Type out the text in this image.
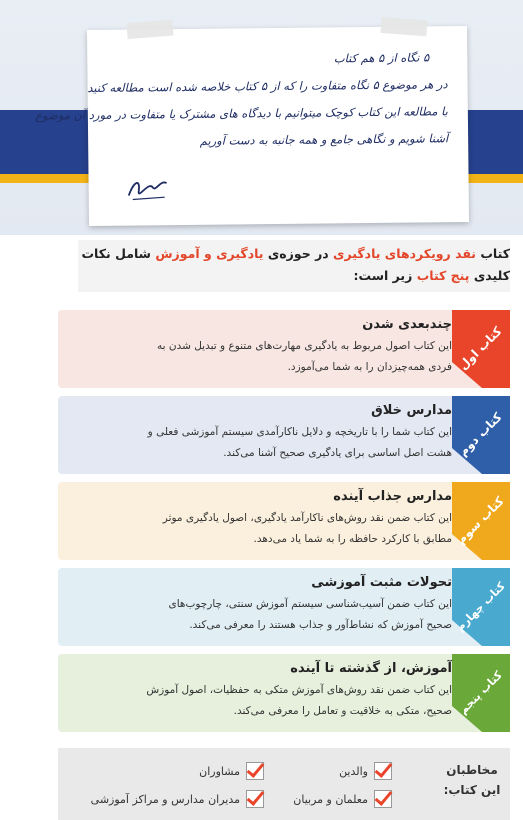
۵ نگاه از ۵ هم کتاب
در هر موضوع ۵ نگاه متفاوت را که از ۵ کتاب خلاصه شده است مطالعه کنید
با مطالعه این کتاب کوچک میتوانیم با دیدگاه های مشترک یا متفاوت در مورد آن موضوع
آشنا شویم و نگاهی جامع و همه جانبه به دست آوریم
کتاب نقد رویکردهای یادگیری در حوزه‌ی یادگیری و آموزش شامل نکات کلیدی پنج کتاب زیر است:
کتاب اول
چندبعدی شدن
این کتاب اصول مربوط به یادگیری مهارت‌های متنوع و تبدیل شدن به
فردی همه‌چیزدان را به شما می‌آموزد.
کتاب دوم
مدارس خلاق
این کتاب شما را با تاریخچه و دلایل ناکارآمدی سیستم آموزشی فعلی و
هشت اصل اساسی برای یادگیری صحیح آشنا می‌کند.
کتاب سوم
مدارس جذاب آینده
این کتاب ضمن نقد روش‌های ناکارآمد یادگیری، اصول یادگیری موثر
مطابق با کارکرد حافظه را به شما یاد می‌دهد.
کتاب چهارم
تحولات مثبت آموزشی
این کتاب ضمن آسیب‌شناسی سیستم آموزش سنتی، چارچوب‌های
صحیح آموزش که نشاط‌آور و جذاب هستند را معرفی می‌کند.
کتاب پنجم
آموزش، از گذشته تا آینده
این کتاب ضمن نقد روش‌های آموزش متکی به حفظیات، اصول آموزش
صحیح، متکی به خلاقیت و تعامل را معرفی می‌کند.
مخاطبان
این کتاب:
والدین
مشاوران
معلمان و مربیان
مدیران مدارس و مراکز آموزشی
